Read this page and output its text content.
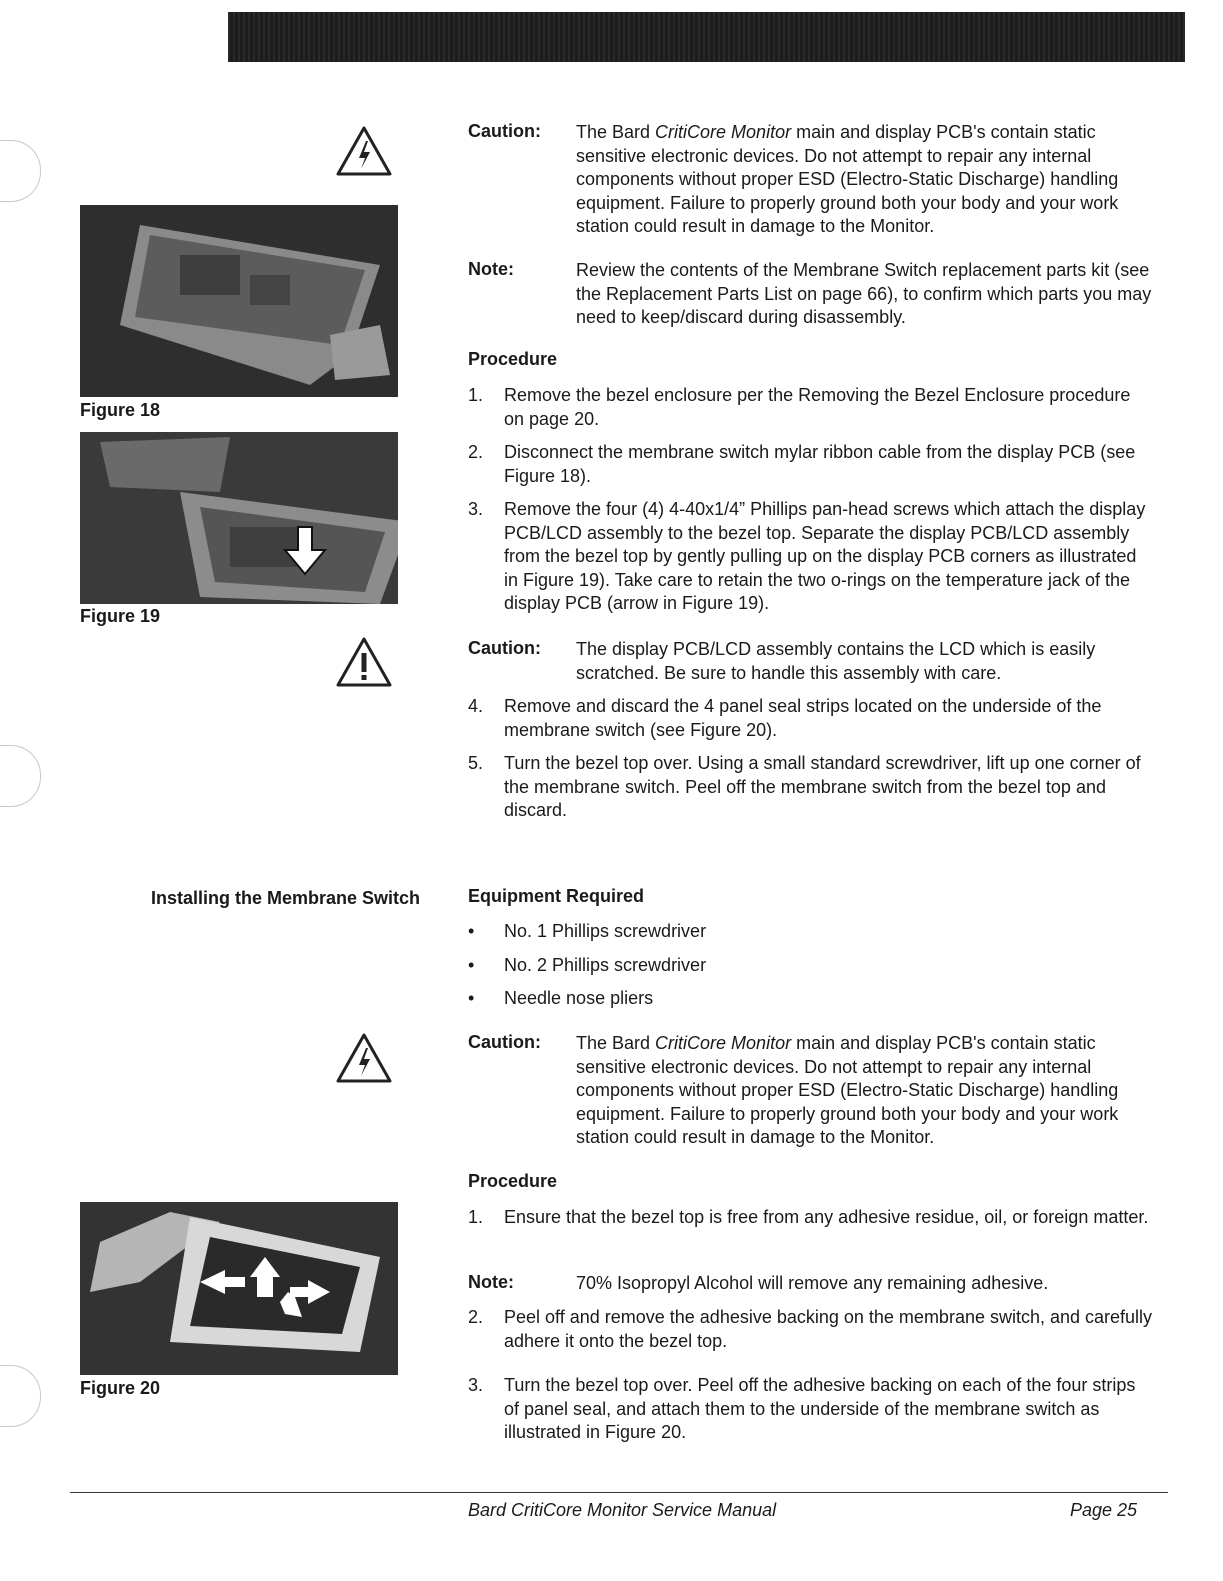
Figure 18
Figure 19
Figure 20
Caution: The Bard CritiCore Monitor main and display PCB's contain static sensitive electronic devices. Do not attempt to repair any internal components without proper ESD (Electro-Static Discharge) handling equipment. Failure to properly ground both your body and your work station could result in damage to the Monitor.
Note:	Review the contents of the Membrane Switch replacement parts kit (see the Replacement Parts List on page 66), to confirm which parts you may need to keep/discard during disassembly.
Procedure
1. Remove the bezel enclosure per the Removing the Bezel Enclosure procedure on page 20.
2. Disconnect the membrane switch mylar ribbon cable from the display PCB (see Figure 18).
3. Remove the four (4) 4-40x1/4” Phillips pan-head screws which attach the display PCB/LCD assembly to the bezel top. Separate the display PCB/LCD assembly from the bezel top by gently pulling up on the display PCB corners as illustrated in Figure 19). Take care to retain the two o-rings on the temperature jack of the display PCB (arrow in Figure 19).
Caution: The display PCB/LCD assembly contains the LCD which is easily scratched. Be sure to handle this assembly with care.
4. Remove and discard the 4 panel seal strips located on the underside of the membrane switch (see Figure 20).
5. Turn the bezel top over. Using a small standard screwdriver, lift up one corner of the membrane switch. Peel off the membrane switch from the bezel top and discard.
Installing the Membrane Switch	Equipment Required
• No. 1 Phillips screwdriver
• No. 2 Phillips screwdriver
• Needle nose pliers
Caution: The Bard CritiCore Monitor main and display PCB's contain static sensitive electronic devices. Do not attempt to repair any internal components without proper ESD (Electro-Static Discharge) handling equipment. Failure to properly ground both your body and your work station could result in damage to the Monitor.
Procedure
1. Ensure that the bezel top is free from any adhesive residue, oil, or foreign matter.
Note:	70% Isopropyl Alcohol will remove any remaining adhesive.
2. Peel off and remove the adhesive backing on the membrane switch, and carefully adhere it onto the bezel top.
3. Turn the bezel top over. Peel off the adhesive backing on each of the four strips of panel seal, and attach them to the underside of the membrane switch as illustrated in Figure 20.
Bard CritiCore Monitor Service Manual	Page 25
